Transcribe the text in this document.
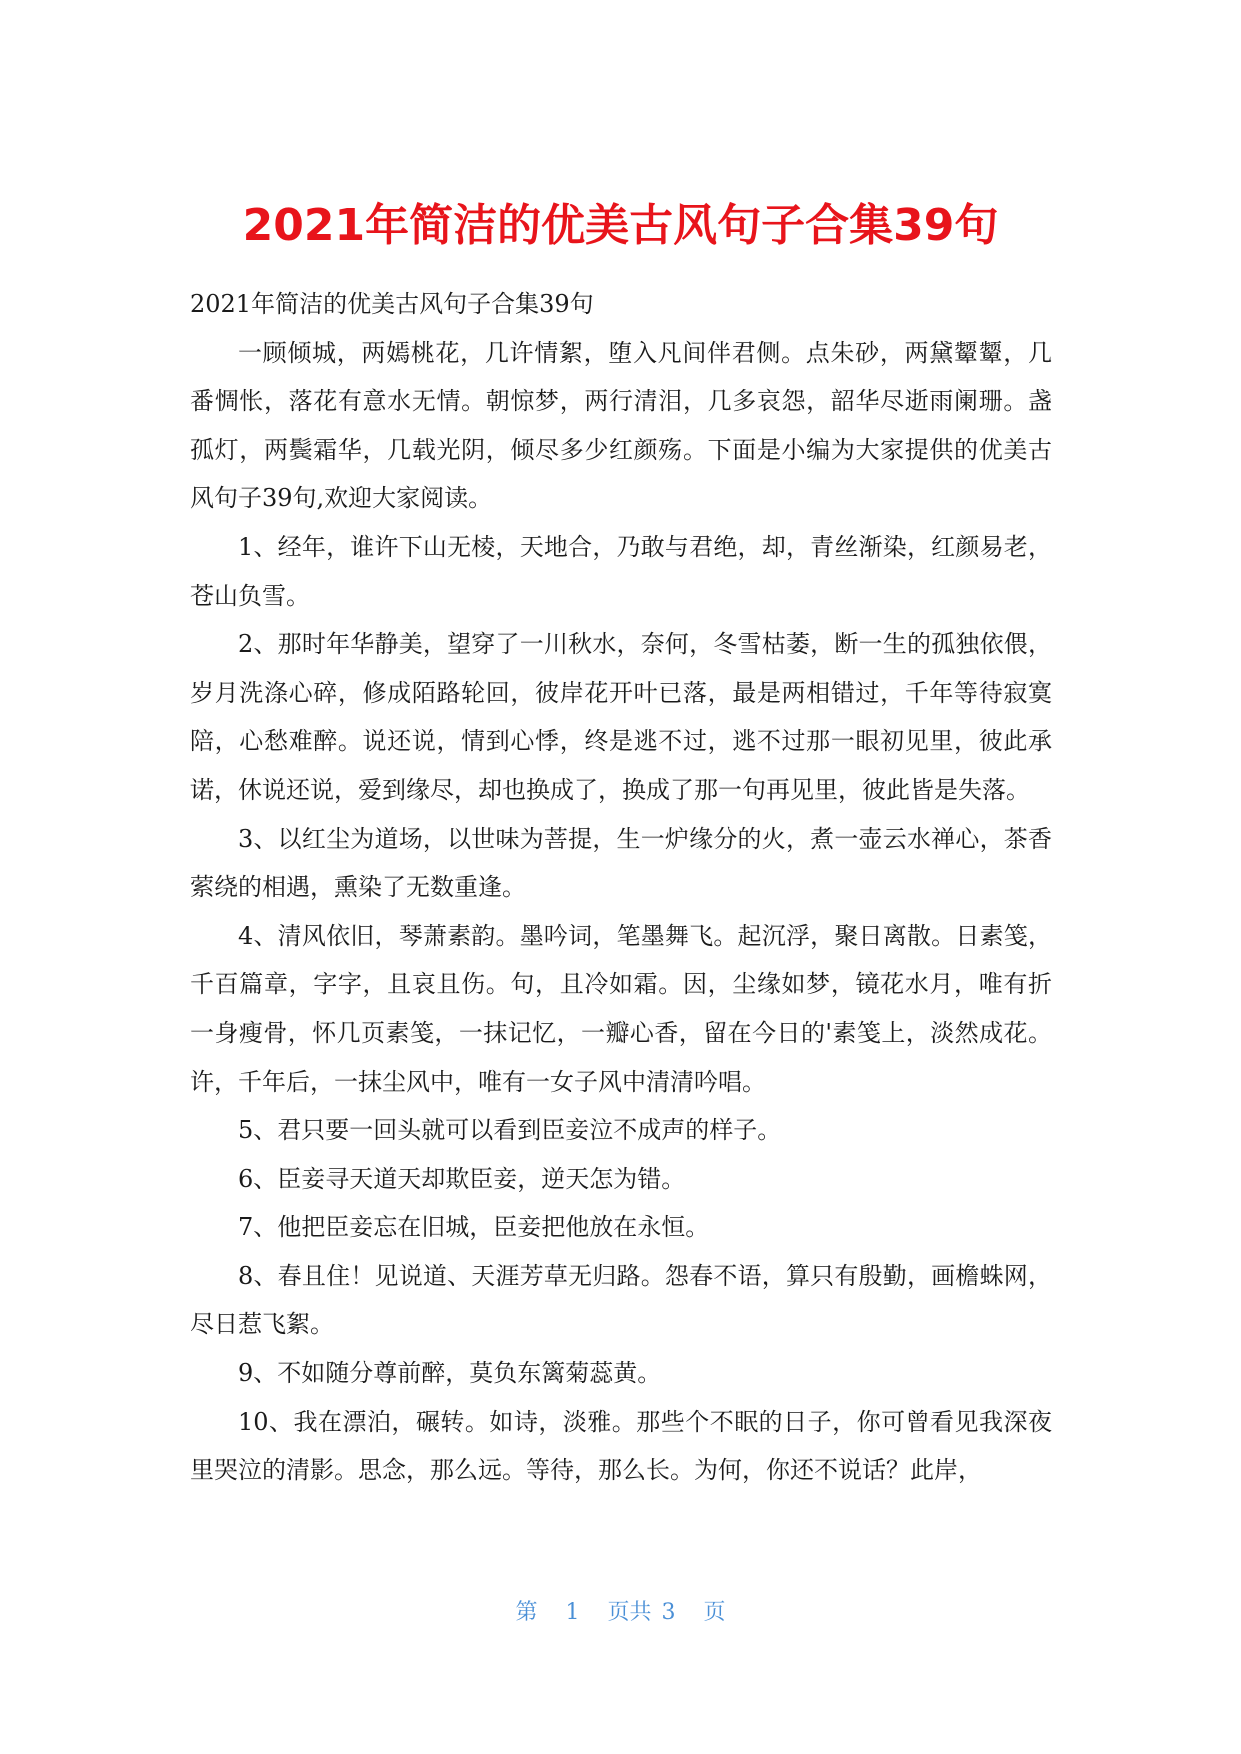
2021年简洁的优美古风句子合集39句

2021年简洁的优美古风句子合集39句

一顾倾城，两嫣桃花，几许情絮，堕入凡间伴君侧。点朱砂，两黛颦颦，几番惆怅，落花有意水无情。朝惊梦，两行清泪，几多哀怨，韶华尽逝雨阑珊。盏孤灯，两鬓霜华，几载光阴，倾尽多少红颜殇。下面是小编为大家提供的优美古风句子39句,欢迎大家阅读。

1、经年，谁许下山无棱，天地合，乃敢与君绝，却，青丝渐染，红颜易老，苍山负雪。

2、那时年华静美，望穿了一川秋水，奈何，冬雪枯萎，断一生的孤独依偎，岁月洗涤心碎，修成陌路轮回，彼岸花开叶已落，最是两相错过，千年等待寂寞陪，心愁难醉。说还说，情到心悸，终是逃不过，逃不过那一眼初见里，彼此承诺，休说还说，爱到缘尽，却也换成了，换成了那一句再见里，彼此皆是失落。

3、以红尘为道场，以世味为菩提，生一炉缘分的火，煮一壶云水禅心，茶香萦绕的相遇，熏染了无数重逢。

4、清风依旧，琴萧素韵。墨吟词，笔墨舞飞。起沉浮，聚日离散。日素笺，千百篇章，字字，且哀且伤。句，且冷如霜。因，尘缘如梦，镜花水月，唯有折一身瘦骨，怀几页素笺，一抹记忆，一瓣心香，留在今日的'素笺上，淡然成花。许，千年后，一抹尘风中，唯有一女子风中清清吟唱。

5、君只要一回头就可以看到臣妾泣不成声的样子。

6、臣妾寻天道天却欺臣妾，逆天怎为错。

7、他把臣妾忘在旧城，臣妾把他放在永恒。

8、春且住！见说道、天涯芳草无归路。怨春不语，算只有殷勤，画檐蛛网，尽日惹飞絮。

9、不如随分尊前醉，莫负东篱菊蕊黄。

10、我在漂泊，碾转。如诗，淡雅。那些个不眠的日子，你可曾看见我深夜里哭泣的清影。思念，那么远。等待，那么长。为何，你还不说话？此岸，

第 1 页共 3 页
